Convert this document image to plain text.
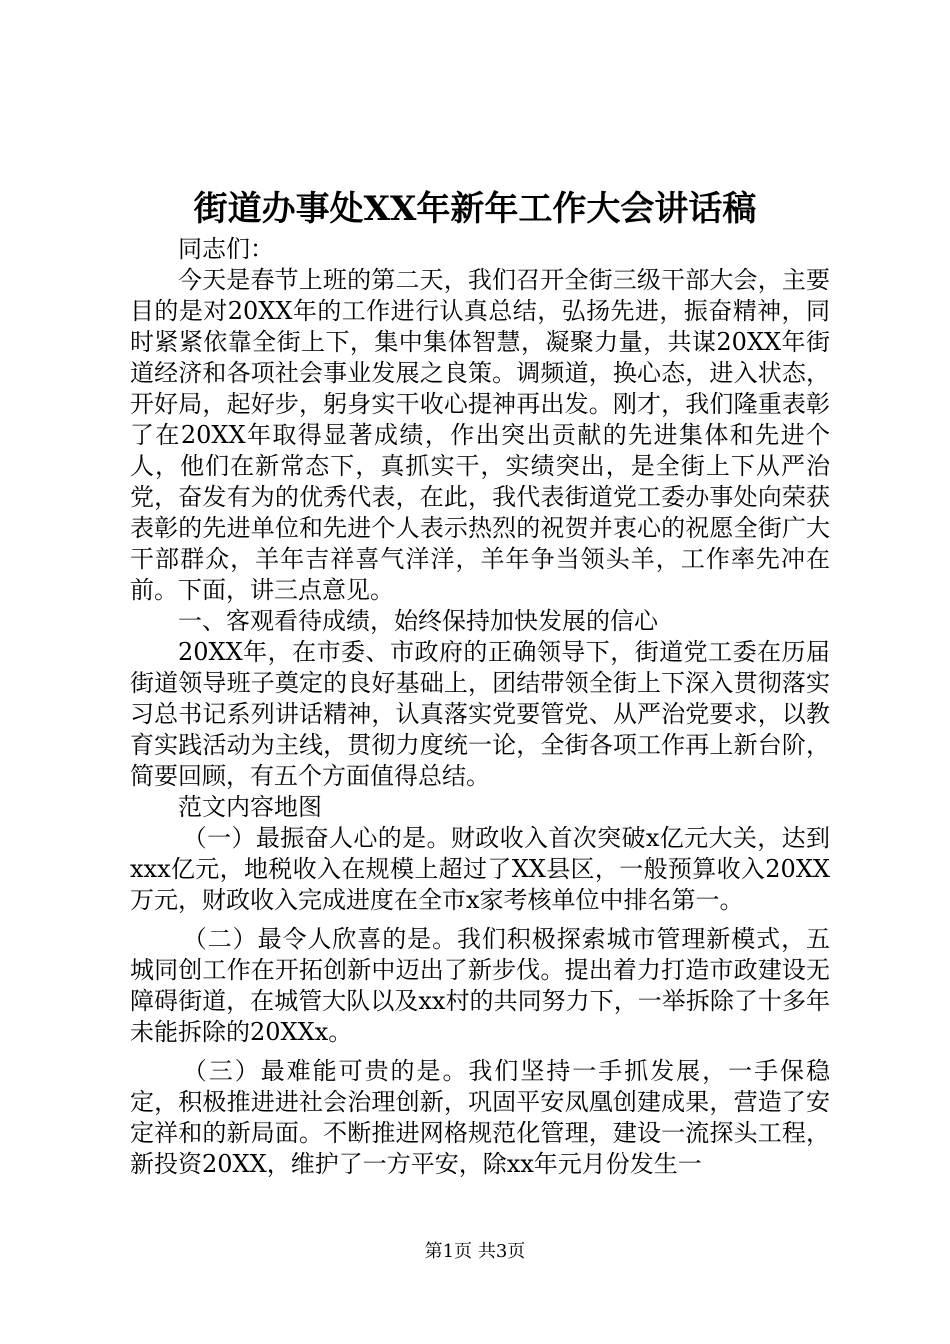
街道办事处XX年新年工作大会讲话稿

同志们：

今天是春节上班的第二天，我们召开全街三级干部大会，主要目的是对20XX年的工作进行认真总结，弘扬先进，振奋精神，同时紧紧依靠全街上下，集中集体智慧，凝聚力量，共谋20XX年街道经济和各项社会事业发展之良策。调频道，换心态，进入状态，开好局，起好步，躬身实干收心提神再出发。刚才，我们隆重表彰了在20XX年取得显著成绩，作出突出贡献的先进集体和先进个人，他们在新常态下，真抓实干，实绩突出，是全街上下从严治党，奋发有为的优秀代表，在此，我代表街道党工委办事处向荣获表彰的先进单位和先进个人表示热烈的祝贺并衷心的祝愿全街广大干部群众，羊年吉祥喜气洋洋，羊年争当领头羊，工作率先冲在前。下面，讲三点意见。

一、客观看待成绩，始终保持加快发展的信心

20XX年，在市委、市政府的正确领导下，街道党工委在历届街道领导班子奠定的良好基础上，团结带领全街上下深入贯彻落实习总书记系列讲话精神，认真落实党要管党、从严治党要求，以教育实践活动为主线，贯彻力度统一论，全街各项工作再上新台阶，简要回顾，有五个方面值得总结。

范文内容地图

（一）最振奋人心的是。财政收入首次突破x亿元大关，达到xxx亿元，地税收入在规模上超过了XX县区，一般预算收入20XX万元，财政收入完成进度在全市x家考核单位中排名第一。

（二）最令人欣喜的是。我们积极探索城市管理新模式，五城同创工作在开拓创新中迈出了新步伐。提出着力打造市政建设无障碍街道，在城管大队以及xx村的共同努力下，一举拆除了十多年未能拆除的20XXx。

（三）最难能可贵的是。我们坚持一手抓发展，一手保稳定，积极推进进社会治理创新，巩固平安凤凰创建成果，营造了安定祥和的新局面。不断推进网格规范化管理，建设一流探头工程，新投资20XX，维护了一方平安，除xx年元月份发生一

第1页 共3页
